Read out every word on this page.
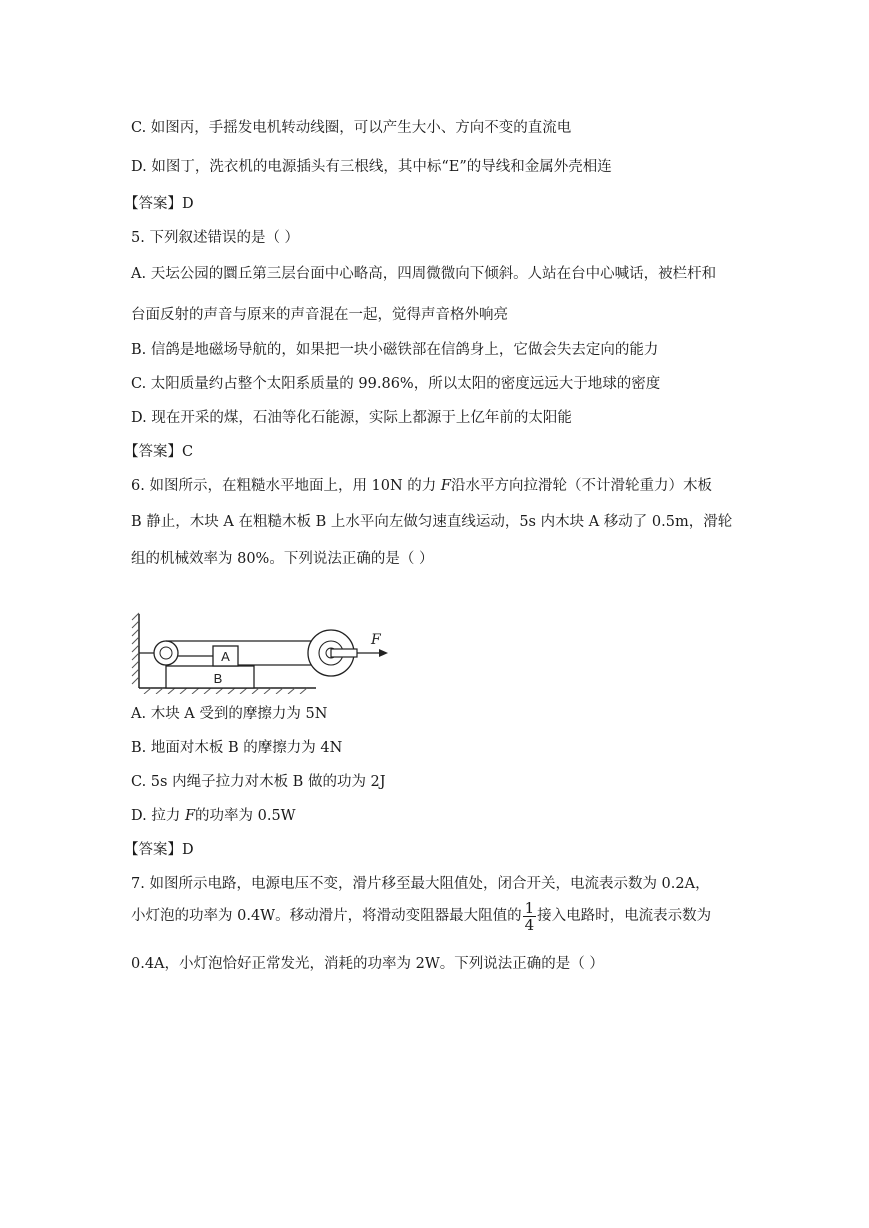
C. 如图丙，手摇发电机转动线圈，可以产生大小、方向不变的直流电
D. 如图丁，洗衣机的电源插头有三根线，其中标“E”的导线和金属外壳相连
【答案】D
5. 下列叙述错误的是（ ）
A. 天坛公园的圜丘第三层台面中心略高，四周微微向下倾斜。人站在台中心喊话，被栏杆和
台面反射的声音与原来的声音混在一起，觉得声音格外响亮
B. 信鸽是地磁场导航的，如果把一块小磁铁部在信鸽身上，它做会失去定向的能力
C. 太阳质量约占整个太阳系质量的 99.86%，所以太阳的密度远远大于地球的密度
D. 现在开采的煤，石油等化石能源，实际上都源于上亿年前的太阳能
【答案】C
6. 如图所示，在粗糙水平地面上，用 10N 的力 F沿水平方向拉滑轮（不计滑轮重力）木板
B 静止，木块 A 在粗糙木板 B 上水平向左做匀速直线运动，5s 内木块 A 移动了 0.5m，滑轮
组的机械效率为 80%。下列说法正确的是（ ）
B
A
F
A. 木块 A 受到的摩擦力为 5N
B. 地面对木板 B 的摩擦力为 4N
C. 5s 内绳子拉力对木板 B 做的功为 2J
D. 拉力 F的功率为 0.5W
【答案】D
7. 如图所示电路，电源电压不变，滑片移至最大阻值处，闭合开关，电流表示数为 0.2A，
小灯泡的功率为 0.4W。移动滑片，将滑动变阻器最大阻值的 $\frac{1}{4}$ 接入电路时，电流表示数为
0.4A，小灯泡恰好正常发光，消耗的功率为 2W。下列说法正确的是（ ）
